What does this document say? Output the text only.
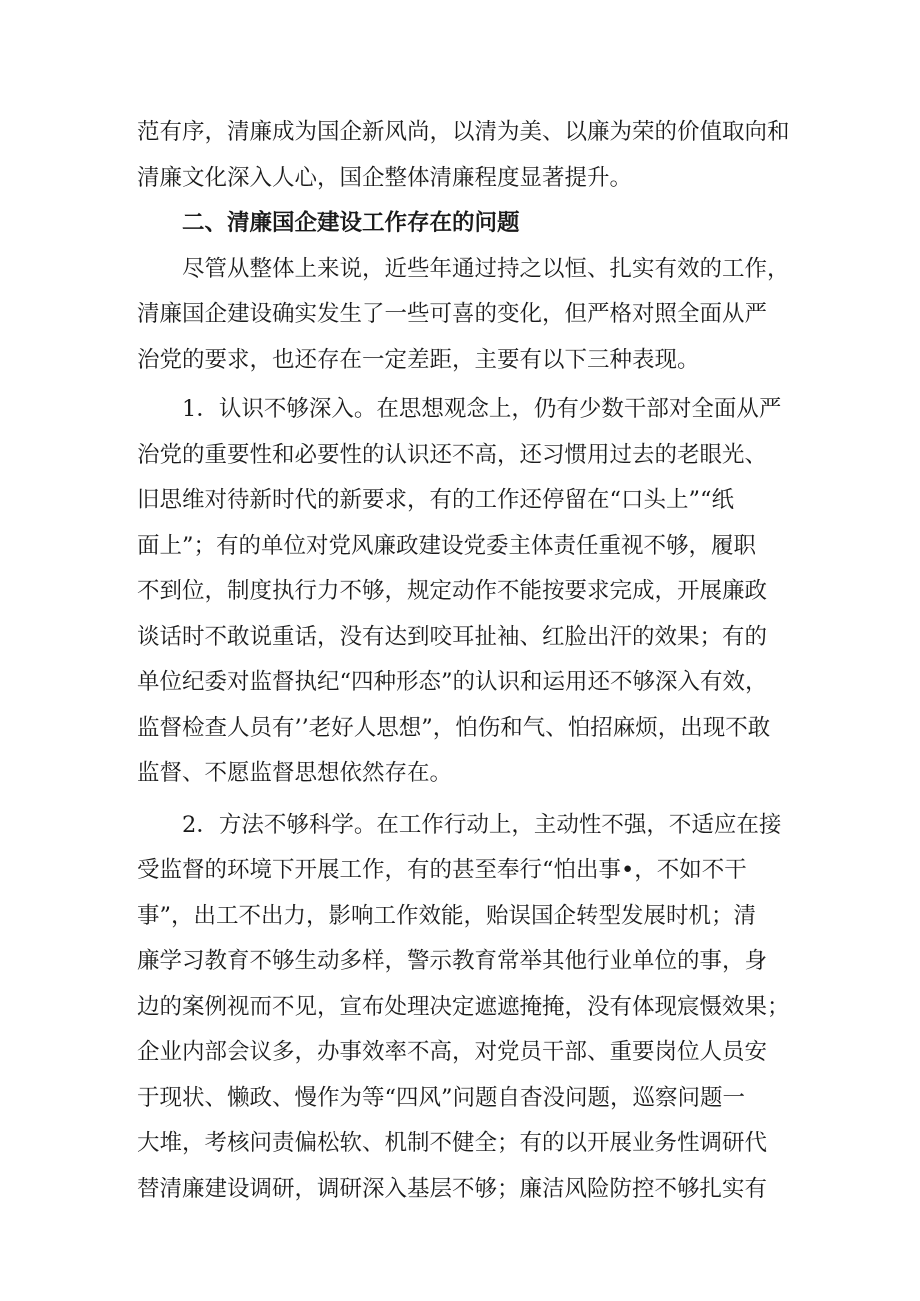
范有序，清廉成为国企新风尚，以清为美、以廉为荣的价值取向和
清廉文化深入人心，国企整体清廉程度显著提升。
二、清廉国企建设工作存在的问题
尽管从整体上来说，近些年通过持之以恒、扎实有效的工作，
清廉国企建设确实发生了一些可喜的变化，但严格对照全面从严
治党的要求，也还存在一定差距，主要有以下三种表现。
1．认识不够深入。在思想观念上，仍有少数干部对全面从严
治党的重要性和必要性的认识还不高，还习惯用过去的老眼光、
旧思维对待新时代的新要求，有的工作还停留在“口头上”“纸
面上”；有的单位对党风廉政建设党委主体责任重视不够，履职
不到位，制度执行力不够，规定动作不能按要求完成，开展廉政
谈话时不敢说重话，没有达到咬耳扯袖、红脸出汗的效果；有的
单位纪委对监督执纪“四种形态”的认识和运用还不够深入有效，
监督检查人员有’’老好人思想”，怕伤和气、怕招麻烦，出现不敢
监督、不愿监督思想依然存在。
2．方法不够科学。在工作行动上，主动性不强，不适应在接
受监督的环境下开展工作，有的甚至奉行“怕出事•，不如不干
事”，出工不出力，影响工作效能，贻误国企转型发展时机；清
廉学习教育不够生动多样，警示教育常举其他行业单位的事，身
边的案例视而不见，宣布处理决定遮遮掩掩，没有体现宸慑效果；
企业内部会议多，办事效率不高，对党员干部、重要岗位人员安
于现状、懒政、慢作为等“四风”问题自杳没问题，巡察问题一
大堆，考核问责偏松软、机制不健全；有的以开展业务性调研代
替清廉建设调研，调研深入基层不够；廉洁风险防控不够扎实有
